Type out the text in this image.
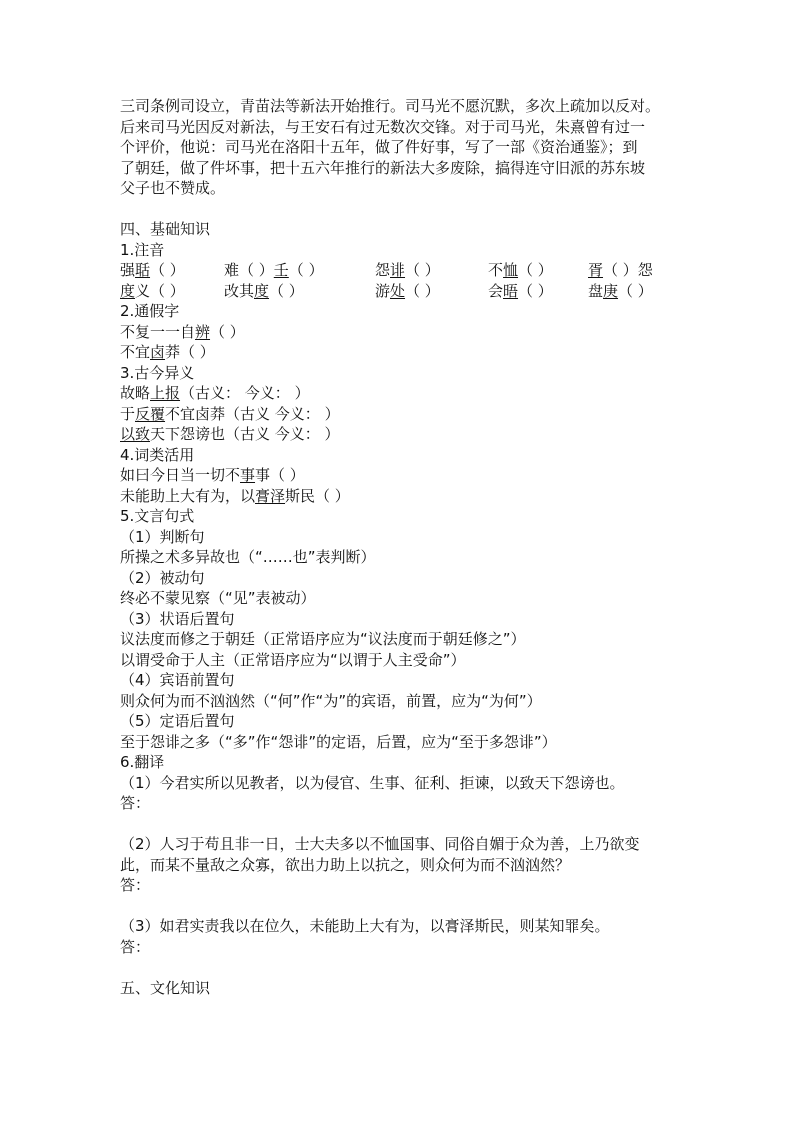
三司条例司设立，青苗法等新法开始推行。司马光不愿沉默，多次上疏加以反对。

后来司马光因反对新法，与王安石有过无数次交锋。对于司马光，朱熹曾有过一

个评价，他说：司马光在洛阳十五年，做了件好事，写了一部《资治通鉴》；到

了朝廷，做了件坏事，把十五六年推行的新法大多废除，搞得连守旧派的苏东坡

父子也不赞成。

四、基础知识

1.注音

强聒（ ）	难（ ）壬（ ）	怨诽（ ）	不恤（ ）	胥（ ）怨
度义（ ）	改其度（ ）	游处（ ）	会晤（ ）	盘庚（ ）

2.通假字

不复一一自辨（ ）

不宜卤莽（ ）

3.古今异义

故略上报（古义： 今义： ）

于反覆不宜卤莽（古义 今义： ）

以致天下怨谤也（古义 今义： ）

4.词类活用

如曰今日当一切不事事（ ）

未能助上大有为，以膏泽斯民（ ）

5.文言句式

（1）判断句

所操之术多异故也（“……也”表判断）

（2）被动句

终必不蒙见察（“见”表被动）

（3）状语后置句

议法度而修之于朝廷（正常语序应为“议法度而于朝廷修之”）

以谓受命于人主（正常语序应为“以谓于人主受命”）

（4）宾语前置句

则众何为而不汹汹然（“何”作“为”的宾语，前置，应为“为何”）

（5）定语后置句

至于怨诽之多（“多”作“怨诽”的定语，后置，应为“至于多怨诽”）

6.翻译

（1）今君实所以见教者，以为侵官、生事、征利、拒谏，以致天下怨谤也。

答：

（2）人习于苟且非一日，士大夫多以不恤国事、同俗自媚于众为善，上乃欲变

此，而某不量敌之众寡，欲出力助上以抗之，则众何为而不汹汹然？

答：

（3）如君实责我以在位久，未能助上大有为，以膏泽斯民，则某知罪矣。

答：

五、文化知识
